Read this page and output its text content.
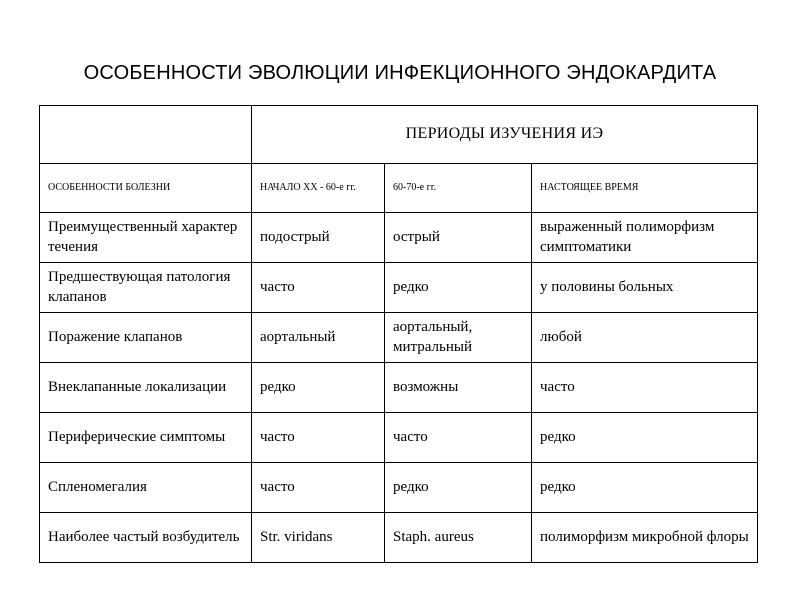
ОСОБЕННОСТИ ЭВОЛЮЦИИ ИНФЕКЦИОННОГО ЭНДОКАРДИТА
	ПЕРИОДЫ ИЗУЧЕНИЯ ИЭ		
ОСОБЕННОСТИ БОЛЕЗНИ	НАЧАЛО XX - 60-е гг.	60-70-е гг.	НАСТОЯЩЕЕ ВРЕМЯ
Преимущественный характер течения	подострый	острый	выраженный полиморфизм симптоматики
Предшествующая патология клапанов	часто	редко	у половины больных
Поражение клапанов	аортальный	аортальный, митральный	любой
Внеклапанные локализации	редко	возможны	часто
Периферические симптомы	часто	часто	редко
Спленомегалия	часто	редко	редко
Наиболее частый возбудитель	Str. viridans	Staph. aureus	полиморфизм микробной флоры
